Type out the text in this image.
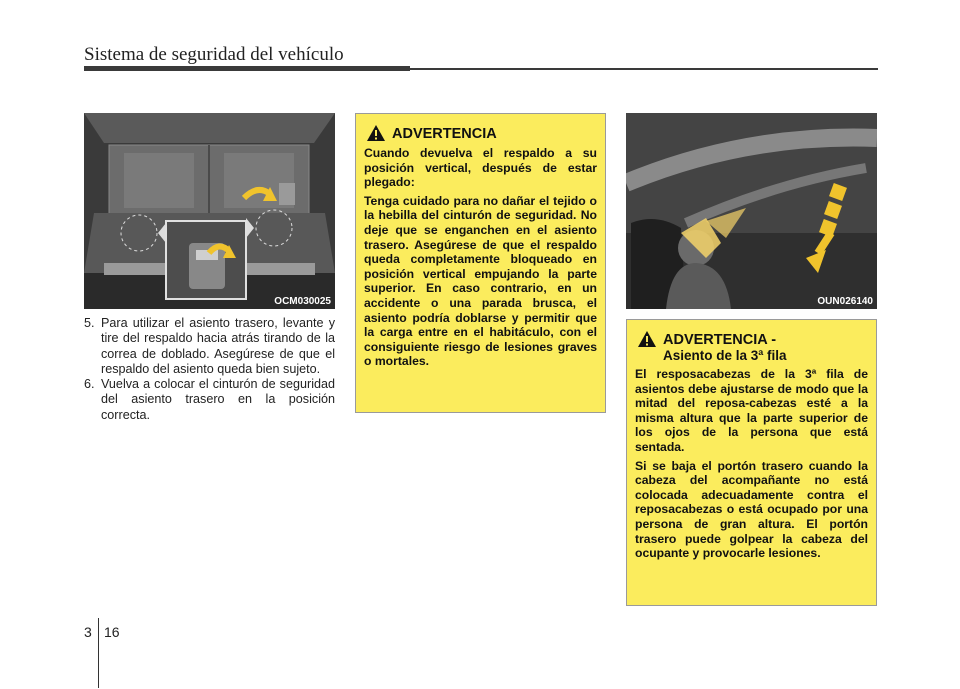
Sistema de seguridad del vehículo
OCM030025
5. Para utilizar el asiento trasero, levante y tire del respaldo hacia atrás tirando de la correa de doblado. Asegúrese de que el respaldo del asiento queda bien sujeto.
6. Vuelva a colocar el cinturón de seguridad del asiento trasero en la posición correcta.
ADVERTENCIA

Cuando devuelva el respaldo a su posición vertical, después de estar plegado:

Tenga cuidado para no dañar el tejido o la hebilla del cinturón de seguridad. No deje que se enganchen en el asiento trasero. Asegúrese de que el respaldo queda completamente bloqueado en posición vertical empujando la parte superior. En caso contrario, en un accidente o una parada brusca, el asiento podría doblarse y permitir que la carga entre en el habitáculo, con el consiguiente riesgo de lesiones graves o mortales.

OUN026140
ADVERTENCIA -
Asiento de la 3ª fila

El resposacabezas de la 3ª fila de asientos debe ajustarse de modo que la mitad del reposa-cabezas esté a la misma altura que la parte superior de los ojos de la persona que está sentada.

Si se baja el portón trasero cuando la cabeza del acompañante no está colocada adecuadamente contra el reposacabezas o está ocupado por una persona de gran altura. El portón trasero puede golpear la cabeza del ocupante y provocarle lesiones.

3 16
